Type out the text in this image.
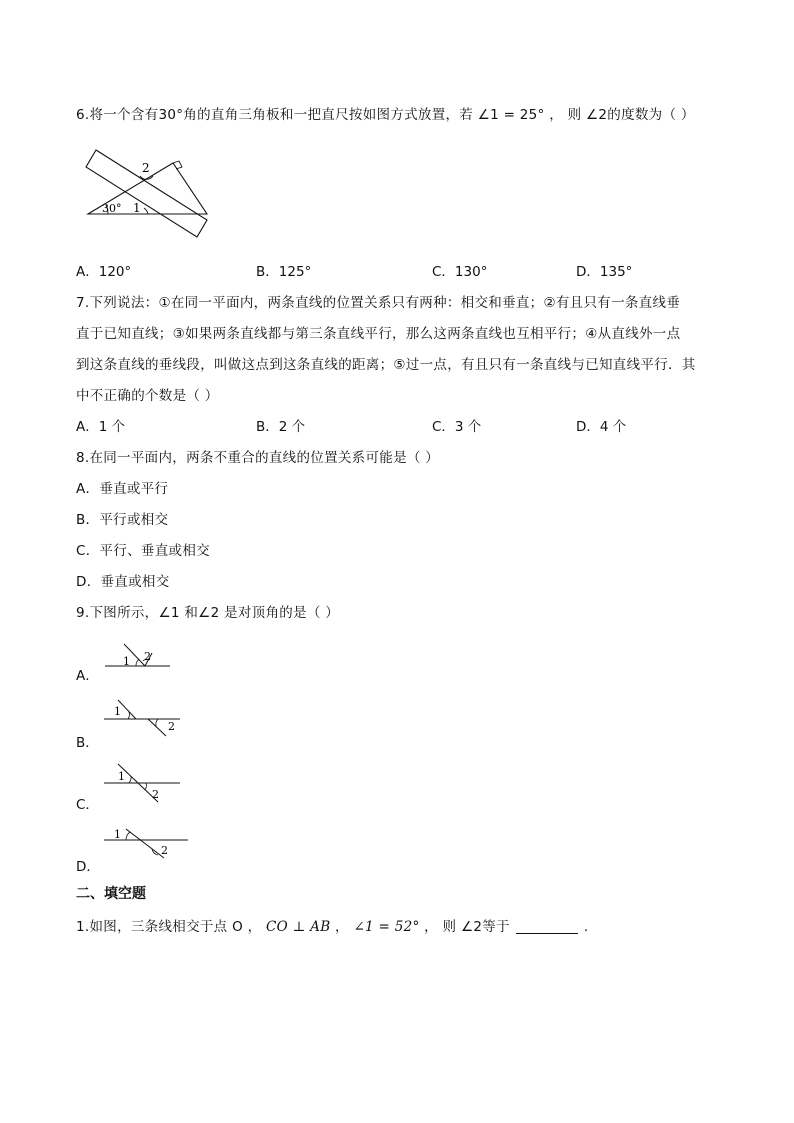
6.将一个含有30°角的直角三角板和一把直尺按如图方式放置，若 ∠1 = 25° ， 则 ∠2的度数为（ ）
2
1
30°
A．120°	B．125°	C．130°	D．135°
7.下列说法：①在同一平面内，两条直线的位置关系只有两种：相交和垂直；②有且只有一条直线垂
直于已知直线；③如果两条直线都与第三条直线平行，那么这两条直线也互相平行；④从直线外一点
到这条直线的垂线段，叫做这点到这条直线的距离；⑤过一点，有且只有一条直线与已知直线平行．其
中不正确的个数是（ ）
A．1 个	B．2 个	C．3 个	D．4 个
8.在同一平面内，两条不重合的直线的位置关系可能是（ ）
A．垂直或平行
B．平行或相交
C．平行、垂直或相交
D．垂直或相交
9.下图所示，∠1 和∠2 是对顶角的是（ ）
A．
1 2
B．
1
2
C．
1
2
D．
1
2
二、填空题
1.如图，三条线相交于点 O ， CO ⊥ AB ， ∠1 = 52° ， 则 ∠2等于	.
